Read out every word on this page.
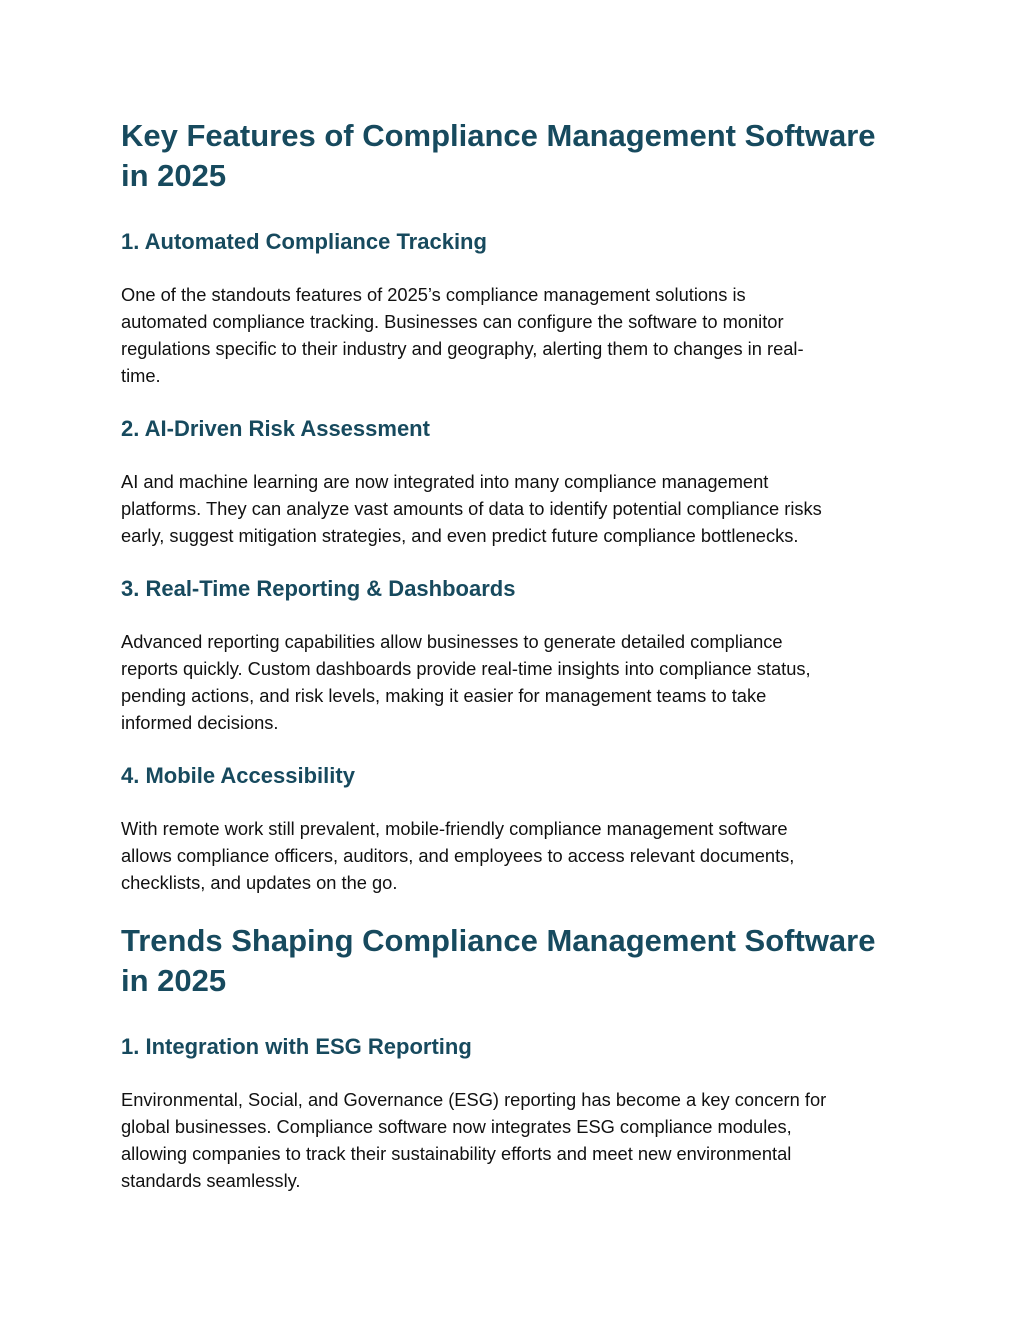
Key Features of Compliance Management Software in 2025
1. Automated Compliance Tracking

One of the standouts features of 2025’s compliance management solutions is
automated compliance tracking. Businesses can configure the software to monitor
regulations specific to their industry and geography, alerting them to changes in real-
time.

2. AI-Driven Risk Assessment

AI and machine learning are now integrated into many compliance management
platforms. They can analyze vast amounts of data to identify potential compliance risks
early, suggest mitigation strategies, and even predict future compliance bottlenecks.

3. Real-Time Reporting & Dashboards

Advanced reporting capabilities allow businesses to generate detailed compliance
reports quickly. Custom dashboards provide real-time insights into compliance status,
pending actions, and risk levels, making it easier for management teams to take
informed decisions.

4. Mobile Accessibility

With remote work still prevalent, mobile-friendly compliance management software
allows compliance officers, auditors, and employees to access relevant documents,
checklists, and updates on the go.

Trends Shaping Compliance Management Software in 2025
1. Integration with ESG Reporting

Environmental, Social, and Governance (ESG) reporting has become a key concern for
global businesses. Compliance software now integrates ESG compliance modules,
allowing companies to track their sustainability efforts and meet new environmental
standards seamlessly.
